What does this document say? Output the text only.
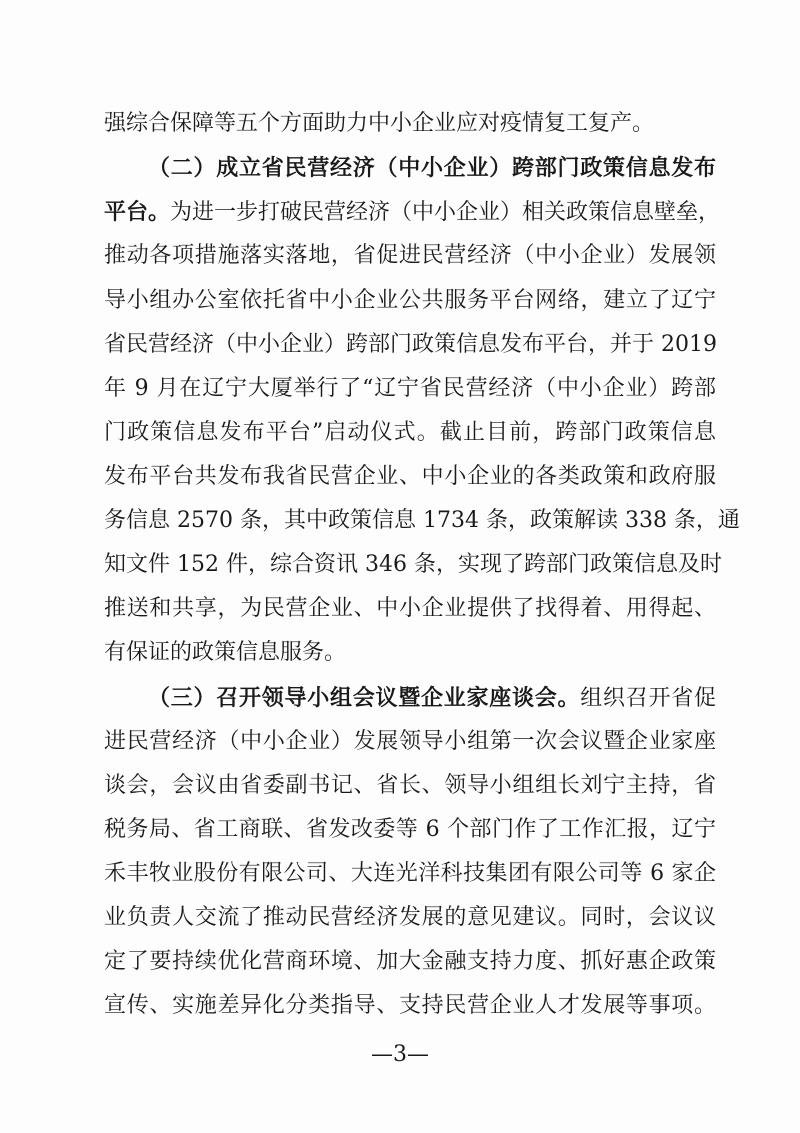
强综合保障等五个方面助力中小企业应对疫情复工复产。
（二）成立省民营经济（中小企业）跨部门政策信息发布
平台。为进一步打破民营经济（中小企业）相关政策信息壁垒，
推动各项措施落实落地，省促进民营经济（中小企业）发展领
导小组办公室依托省中小企业公共服务平台网络，建立了辽宁
省民营经济（中小企业）跨部门政策信息发布平台，并于 2019
年 9 月在辽宁大厦举行了“辽宁省民营经济（中小企业）跨部
门政策信息发布平台”启动仪式。截止目前，跨部门政策信息
发布平台共发布我省民营企业、中小企业的各类政策和政府服
务信息 2570 条，其中政策信息 1734 条，政策解读 338 条，通
知文件 152 件，综合资讯 346 条，实现了跨部门政策信息及时
推送和共享，为民营企业、中小企业提供了找得着、用得起、
有保证的政策信息服务。
（三）召开领导小组会议暨企业家座谈会。组织召开省促
进民营经济（中小企业）发展领导小组第一次会议暨企业家座
谈会，会议由省委副书记、省长、领导小组组长刘宁主持，省
税务局、省工商联、省发改委等 6 个部门作了工作汇报，辽宁
禾丰牧业股份有限公司、大连光洋科技集团有限公司等 6 家企
业负责人交流了推动民营经济发展的意见建议。同时，会议议
定了要持续优化营商环境、加大金融支持力度、抓好惠企政策
宣传、实施差异化分类指导、支持民营企业人才发展等事项。
—3—
